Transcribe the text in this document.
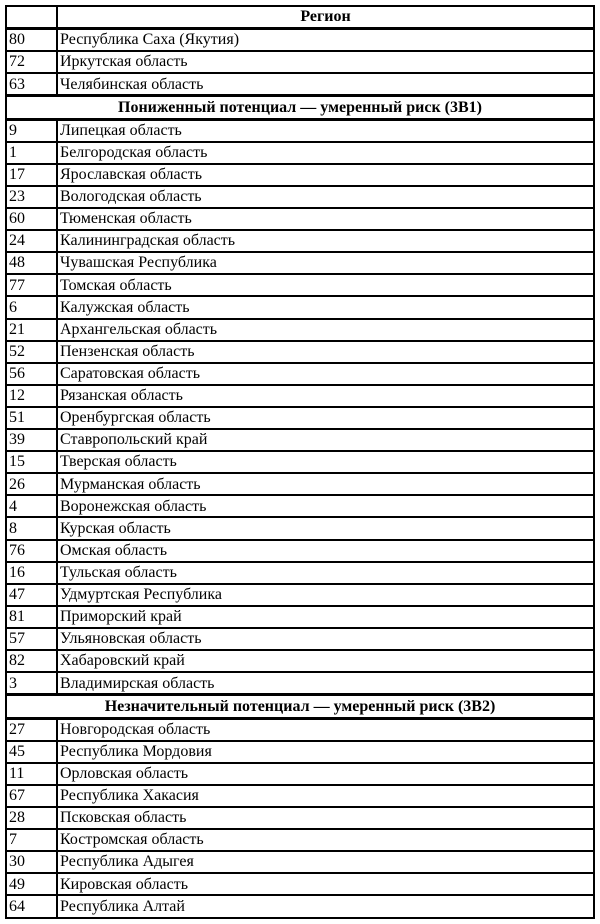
	Регион
80	Республика Саха (Якутия)
72	Иркутская область
63	Челябинская область
Пониженный потенциал — умеренный риск (3В1)	
9	Липецкая область
1	Белгородская область
17	Ярославская область
23	Вологодская область
60	Тюменская область
24	Калининградская область
48	Чувашская Республика
77	Томская область
6	Калужская область
21	Архангельская область
52	Пензенская область
56	Саратовская область
12	Рязанская область
51	Оренбургская область
39	Ставропольский край
15	Тверская область
26	Мурманская область
4	Воронежская область
8	Курская область
76	Омская область
16	Тульская область
47	Удмуртская Республика
81	Приморский край
57	Ульяновская область
82	Хабаровский край
3	Владимирская область
Незначительный потенциал — умеренный риск (3В2)	
27	Новгородская область
45	Республика Мордовия
11	Орловская область
67	Республика Хакасия
28	Псковская область
7	Костромская область
30	Республика Адыгея
49	Кировская область
64	Республика Алтай
